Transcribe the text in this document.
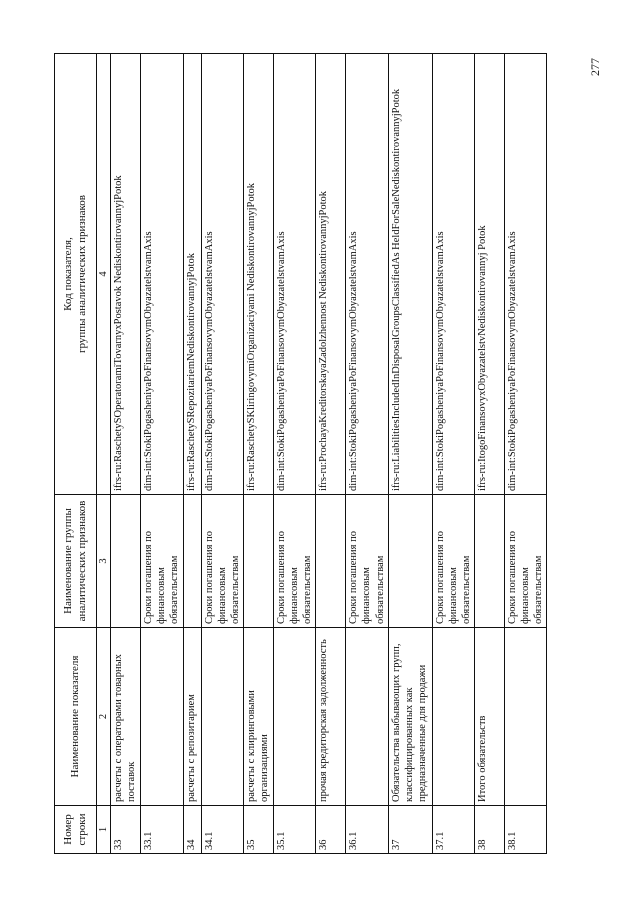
277
Номер строки	Наименование показателя	Наименование группы аналитических признаков	Код показателя, группы аналитических признаков

1	2	3	4
33	расчеты с операторами товарных поставок		ifrs-ru:RaschetySOperatoramiTovarnyxPostavok NediskontirovannyjPotok
33.1		Сроки погашения по финансовым обязательствам	dim-int:StokiPogasheniyaPoFinansovymObyazatelstvamAxis
34	расчеты с репозитарием		ifrs-ru:RaschetySRepozitariemNediskontirovannyjPotok
34.1		Сроки погашения по финансовым обязательствам	dim-int:StokiPogasheniyaPoFinansovymObyazatelstvamAxis
35	расчеты с клиринговыми организациями		ifrs-ru:RaschetySKliringovymiOrganizaciyami NediskontirovannyjPotok
35.1		Сроки погашения по финансовым обязательствам	dim-int:StokiPogasheniyaPoFinansovymObyazatelstvamAxis
36	прочая кредиторская задолженность		ifrs-ru:ProchayaKreditorskayaZadolzhennost NediskontirovannyjPotok
36.1		Сроки погашения по финансовым обязательствам	dim-int:StokiPogasheniyaPoFinansovymObyazatelstvamAxis
37	Обязательства выбывающих групп, классифицированных как предназначенные для продажи		ifrs-ru:LiabilitiesIncludedInDisposalGroupsClassifiedAs HeldForSaleNediskontirovannyjPotok
37.1		Сроки погашения по финансовым обязательствам	dim-int:StokiPogasheniyaPoFinansovymObyazatelstvamAxis
38	Итого обязательств		ifrs-ru:ItogoFinansovyxObyazatelstvNediskontirovannyj Potok
38.1		Сроки погашения по финансовым обязательствам	dim-int:StokiPogasheniyaPoFinansovymObyazatelstvamAxis
